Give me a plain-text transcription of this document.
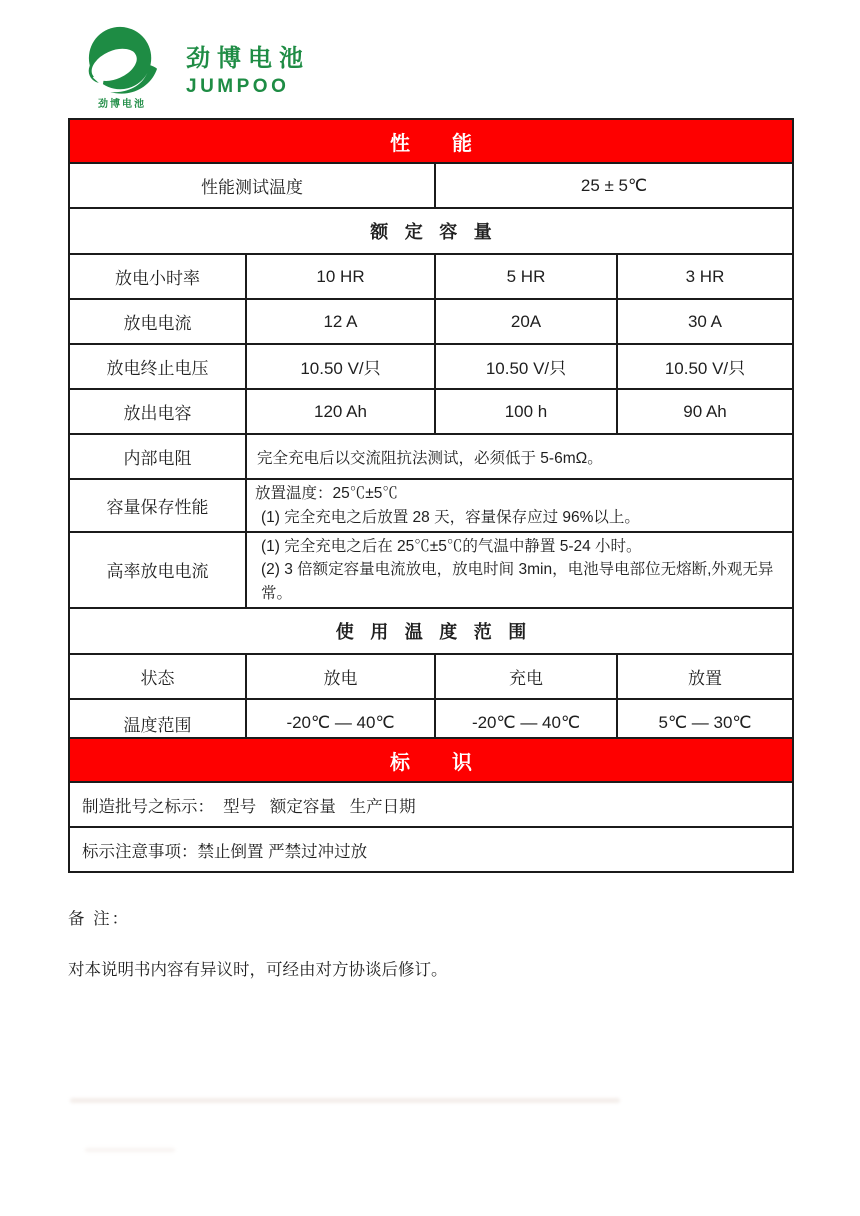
劲博电池
劲博电池
JUMPOO
性能			
性能测试温度		25 ± 5℃	
额 定 容 量			
放电小时率	10 HR	5 HR	3 HR
放电电流	12 A	20A	30 A
放电终止电压	10.50 V/只	10.50 V/只	10.50 V/只
放出电容	120 Ah	100 h	90 Ah
内部电阻	完全充电后以交流阻抗法测试，必须低于 5-6mΩ。		
容量保存性能	放置温度：25℃±5℃
(1) 完全充电之后放置 28 天，容量保存应过 96%以上。		

高率放电电流	(1) 完全充电之后在 25℃±5℃的气温中静置 5-24 小时。
(2) 3 倍额定容量电流放电，放电时间 3min，电池导电部位无熔断,外观无异常。		

使 用 温 度 范 围			
状态	放电	充电	放置
温度范围	-20℃ — 40℃	-20℃ — 40℃	5℃ — 30℃
标识
制造批号之标示：  型号   额定容量   生产日期
标示注意事项：禁止倒置 严禁过冲过放
备 注：
对本说明书内容有异议时，可经由对方协谈后修订。
